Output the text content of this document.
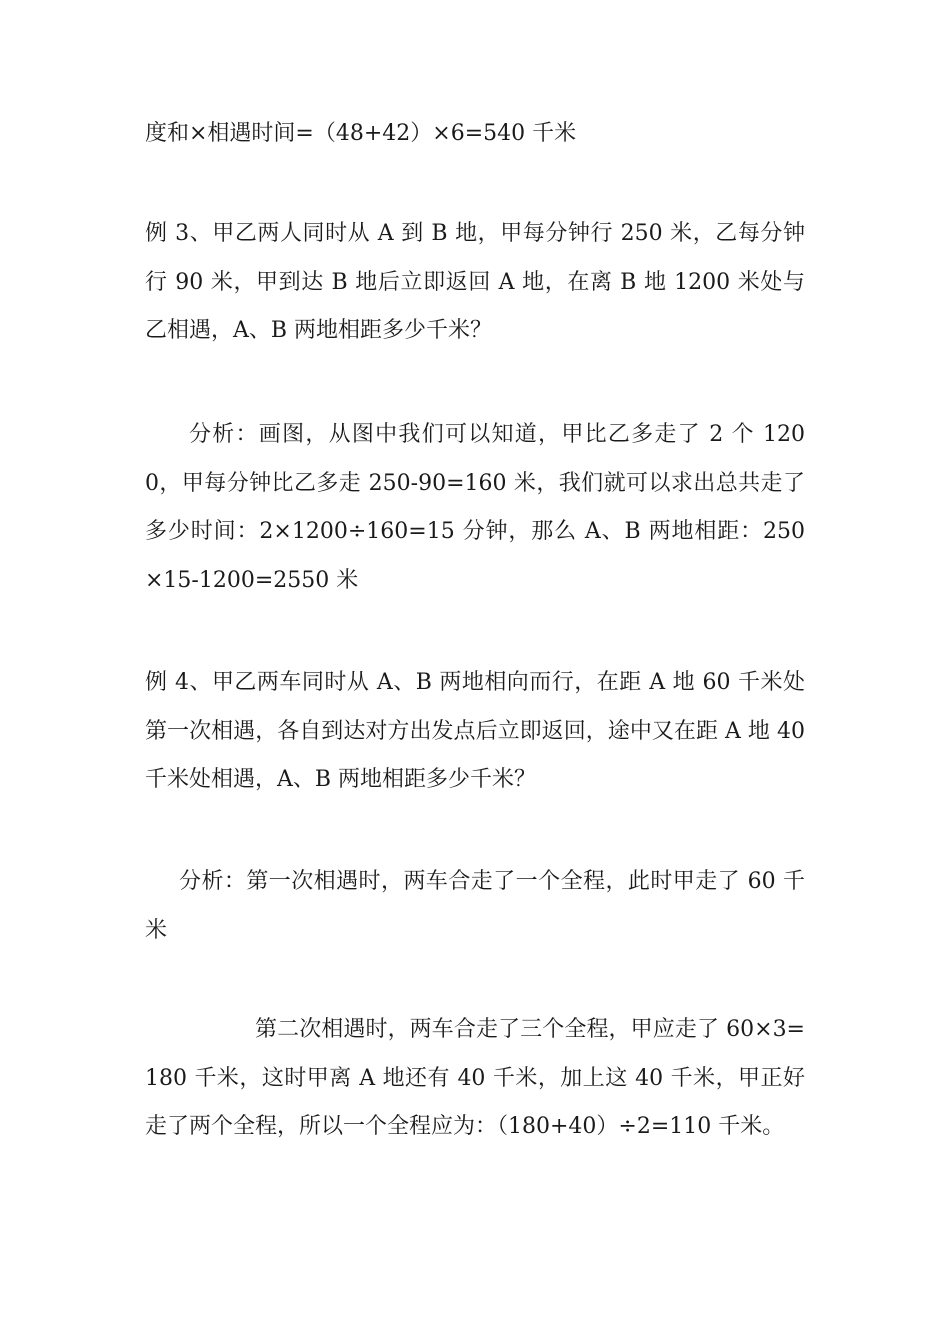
度和×相遇时间=（48+42）×6=540 千米

例 3、甲乙两人同时从 A 到 B 地，甲每分钟行 250 米，乙每分钟行 90 米，甲到达 B 地后立即返回 A 地，在离 B 地 1200 米处与乙相遇，A、B 两地相距多少千米？

分析：画图，从图中我们可以知道，甲比乙多走了 2 个 1200，甲每分钟比乙多走 250-90=160 米，我们就可以求出总共走了多少时间：2×1200÷160=15 分钟，那么 A、B 两地相距：250×15-1200=2550 米

例 4、甲乙两车同时从 A、B 两地相向而行，在距 A 地 60 千米处第一次相遇，各自到达对方出发点后立即返回，途中又在距 A 地 40 千米处相遇，A、B 两地相距多少千米？

分析：第一次相遇时，两车合走了一个全程，此时甲走了 60 千米

第二次相遇时，两车合走了三个全程，甲应走了 60×3=180 千米，这时甲离 A 地还有 40 千米，加上这 40 千米，甲正好走了两个全程，所以一个全程应为：（180+40）÷2=110 千米。
